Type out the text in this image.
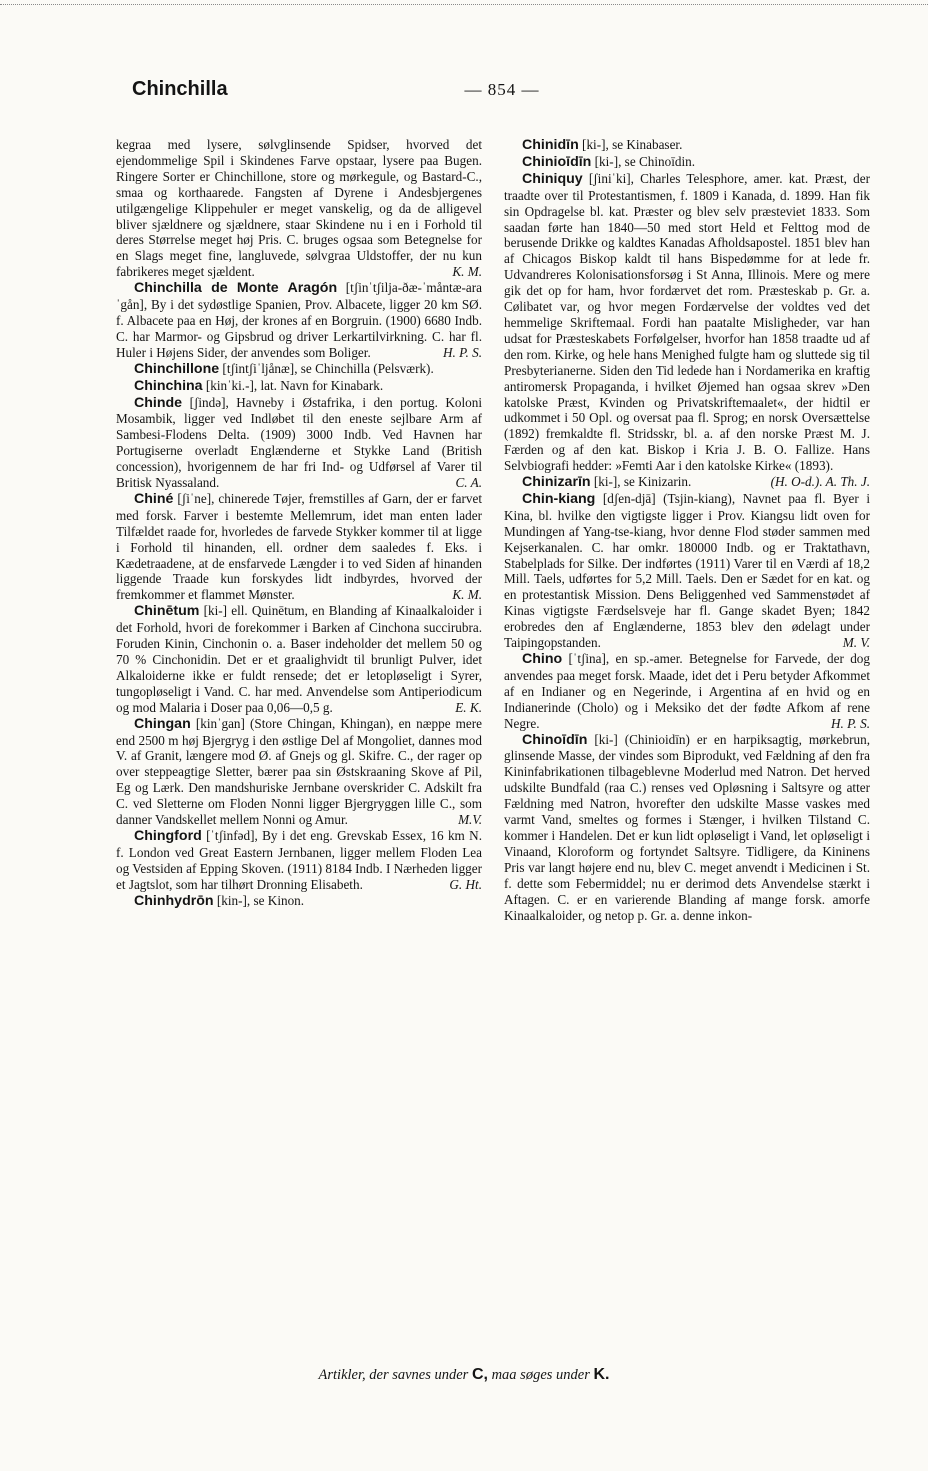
Chinchilla	— 854 —

kegraa med lysere, sølvglinsende Spidser, hvorved det ejendommelige Spil i Skindenes Farve opstaar, lysere paa Bugen. Ringere Sorter er Chinchillone, store og mørkegule, og Bastard-C., smaa og korthaarede. Fangsten af Dyrene i Andesbjergenes utilgængelige Klippehuler er meget vanskelig, og da de alligevel bliver sjældnere og sjældnere, staar Skindene nu i en i Forhold til deres Størrelse meget høj Pris. C. bruges ogsaa som Betegnelse for en Slags meget fine, langluvede, sølvgraa Uldstoffer, der nu kun fabrikeres meget sjældent.	K. M.

Chinchilla de Monte Aragón [tʃinˈtʃilja-ðæ-ˈmåntæ-araˈgån], By i det sydøstlige Spanien, Prov. Albacete, ligger 20 km SØ. f. Albacete paa en Høj, der krones af en Borgruin. (1900) 6680 Indb. C. har Marmor- og Gipsbrud og driver Lerkartilvirkning. C. har fl. Huler i Højens Sider, der anvendes som Boliger.	H. P. S.

Chinchillone [tʃintʃiˈljånæ], se Chinchilla (Pelsværk).

Chinchina [kinˈki.-], lat. Navn for Kinabark.

Chinde [ʃində], Havneby i Østafrika, i den portug. Koloni Mosambik, ligger ved Indløbet til den eneste sejlbare Arm af Sambesi-Flodens Delta. (1909) 3000 Indb. Ved Havnen har Portugiserne overladt Englænderne et Stykke Land (British concession), hvorigennem de har fri Ind- og Udførsel af Varer til Britisk Nyassaland.	C. A.

Chiné [ʃiˈne], chinerede Tøjer, fremstilles af Garn, der er farvet med forsk. Farver i bestemte Mellemrum, idet man enten lader Tilfældet raade for, hvorledes de farvede Stykker kommer til at ligge i Forhold til hinanden, ell. ordner dem saaledes f. Eks. i Kædetraadene, at de ensfarvede Længder i to ved Siden af hinanden liggende Traade kun forskydes lidt indbyrdes, hvorved der fremkommer et flammet Mønster.	K. M.

Chinētum [ki-] ell. Quinētum, en Blanding af Kinaalkaloider i det Forhold, hvori de forekommer i Barken af Cinchona succirubra. Foruden Kinin, Cinchonin o. a. Baser indeholder det mellem 50 og 70 % Cinchonidin. Det er et graalighvidt til brunligt Pulver, idet Alkaloiderne ikke er fuldt rensede; det er letopløseligt i Syrer, tungopløseligt i Vand. C. har med. Anvendelse som Antiperiodicum og mod Malaria i Doser paa 0,06—0,5 g.	E. K.

Chingan [kinˈgan] (Store Chingan, Khingan), en næppe mere end 2500 m høj Bjergryg i den østlige Del af Mongoliet, dannes mod V. af Granit, længere mod Ø. af Gnejs og gl. Skifre. C., der rager op over steppeagtige Sletter, bærer paa sin Østskraaning Skove af Pil, Eg og Lærk. Den mandshuriske Jernbane overskrider C. Adskilt fra C. ved Sletterne om Floden Nonni ligger Bjergryggen lille C., som danner Vandskellet mellem Nonni og Amur.	M.V.

Chingford [ˈtʃinfəd], By i det eng. Grevskab Essex, 16 km N. f. London ved Great Eastern Jernbanen, ligger mellem Floden Lea og Vestsiden af Epping Skoven. (1911) 8184 Indb. I Nærheden ligger et Jagtslot, som har tilhørt Dronning Elisabeth.	G. Ht.

Chinhydrōn [kin-], se Kinon.

Chinidīn [ki-], se Kinabaser.

Chinioīdīn [ki-], se Chinoīdin.

Chiniquy [ʃiniˈki], Charles Telesphore, amer. kat. Præst, der traadte over til Protestantismen, f. 1809 i Kanada, d. 1899. Han fik sin Opdragelse bl. kat. Præster og blev selv præsteviet 1833. Som saadan førte han 1840—50 med stort Held et Felttog mod de berusende Drikke og kaldtes Kanadas Afholdsapostel. 1851 blev han af Chicagos Biskop kaldt til hans Bispedømme for at lede fr. Udvandreres Kolonisationsforsøg i St Anna, Illinois. Mere og mere gik det op for ham, hvor fordærvet det rom. Præsteskab p. Gr. a. Cølibatet var, og hvor megen Fordærvelse der voldtes ved det hemmelige Skriftemaal. Fordi han paatalte Misligheder, var han udsat for Præsteskabets Forfølgelser, hvorfor han 1858 traadte ud af den rom. Kirke, og hele hans Menighed fulgte ham og sluttede sig til Presbyterianerne. Siden den Tid ledede han i Nordamerika en kraftig antiromersk Propaganda, i hvilket Øjemed han ogsaa skrev »Den katolske Præst, Kvinden og Privatskriftemaalet«, der hidtil er udkommet i 50 Opl. og oversat paa fl. Sprog; en norsk Oversættelse (1892) fremkaldte fl. Stridsskr, bl. a. af den norske Præst M. J. Færden og af den kat. Biskop i Kria J. B. O. Fallize. Hans Selvbiografi hedder: »Femti Aar i den katolske Kirke« (1893).
(H. O-d.). A. Th. J.

Chinizarīn [ki-], se Kinizarin.

Chin-kiang [dʃen-djā] (Tsjin-kiang), Navnet paa fl. Byer i Kina, bl. hvilke den vigtigste ligger i Prov. Kiangsu lidt oven for Mundingen af Yang-tse-kiang, hvor denne Flod støder sammen med Kejserkanalen. C. har omkr. 180000 Indb. og er Traktathavn, Stabelplads for Silke. Der indførtes (1911) Varer til en Værdi af 18,2 Mill. Taels, udførtes for 5,2 Mill. Taels. Den er Sædet for en kat. og en protestantisk Mission. Dens Beliggenhed ved Sammenstødet af Kinas vigtigste Færdselsveje har fl. Gange skadet Byen; 1842 erobredes den af Englænderne, 1853 blev den ødelagt under Taipingopstanden.	M. V.

Chino [ˈtʃina], en sp.-amer. Betegnelse for Farvede, der dog anvendes paa meget forsk. Maade, idet det i Peru betyder Afkommet af en Indianer og en Negerinde, i Argentina af en hvid og en Indianerinde (Cholo) og i Meksiko det der fødte Afkom af rene Negre.	H. P. S.

Chinoīdīn [ki-] (Chinioidīn) er en harpiksagtig, mørkebrun, glinsende Masse, der vindes som Biprodukt, ved Fældning af den fra Kininfabrikationen tilbageblevne Moderlud med Natron. Det herved udskilte Bundfald (raa C.) renses ved Opløsning i Saltsyre og atter Fældning med Natron, hvorefter den udskilte Masse vaskes med varmt Vand, smeltes og formes i Stænger, i hvilken Tilstand C. kommer i Handelen. Det er kun lidt opløseligt i Vand, let opløseligt i Vinaand, Kloroform og fortyndet Saltsyre. Tidligere, da Kininens Pris var langt højere end nu, blev C. meget anvendt i Medicinen i St. f. dette som Febermiddel; nu er derimod dets Anvendelse stærkt i Aftagen. C. er en varierende Blanding af mange forsk. amorfe Kinaalkaloider, og netop p. Gr. a. denne inkon-

Artikler, der savnes under C, maa søges under K.
